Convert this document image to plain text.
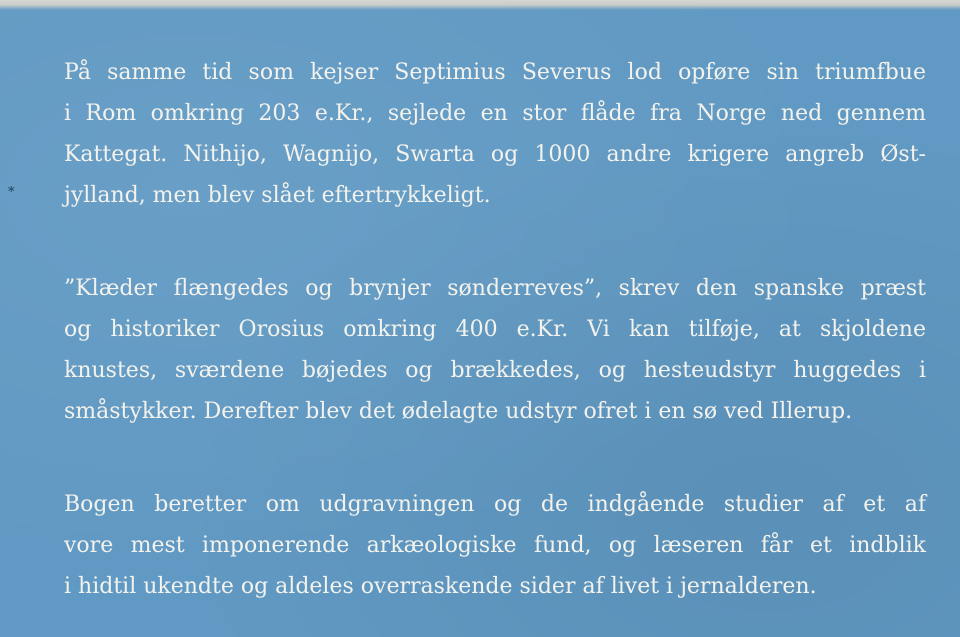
*

På samme tid som kejser Septimius Severus lod opføre sin triumfbue
i Rom omkring 203 e.Kr., sejlede en stor flåde fra Norge ned gennem
Kattegat. Nithijo, Wagnijo, Swarta og 1000 andre krigere angreb Øst-
jylland, men blev slået eftertrykkeligt.

”Klæder flængedes og brynjer sønderreves”, skrev den spanske præst
og historiker Orosius omkring 400 e.Kr. Vi kan tilføje, at skjoldene
knustes, sværdene bøjedes og brækkedes, og hesteudstyr huggedes i
småstykker. Derefter blev det ødelagte udstyr ofret i en sø ved Illerup.

Bogen beretter om udgravningen og de indgående studier af et af
vore mest imponerende arkæologiske fund, og læseren får et indblik
i hidtil ukendte og aldeles overraskende sider af livet i jernalderen.
